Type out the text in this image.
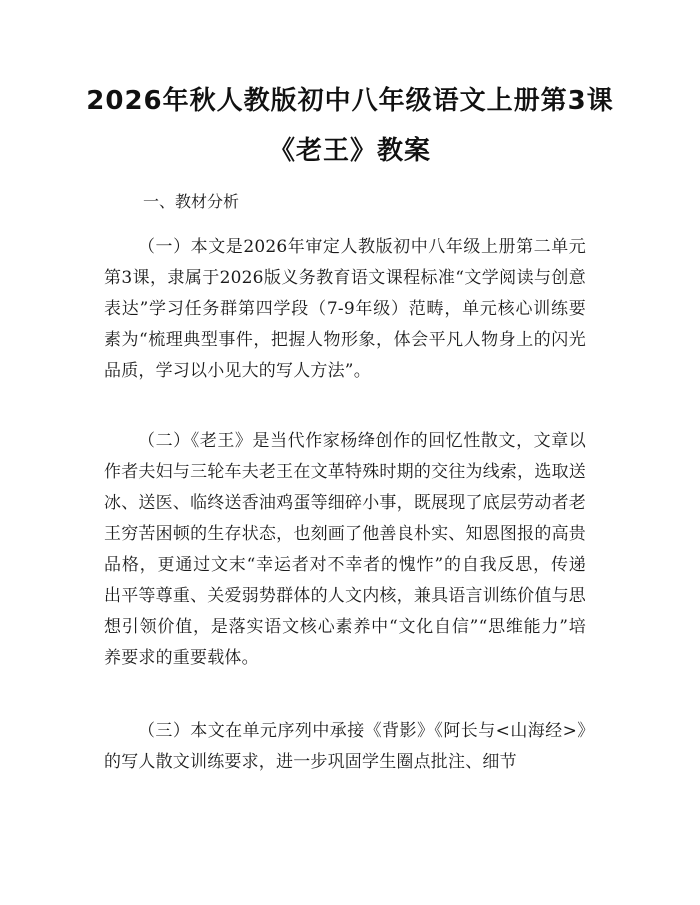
2026年秋人教版初中八年级语文上册第3课
《老王》教案

一、教材分析

（一）本文是2026年审定人教版初中八年级上册第二单元第3课，隶属于2026版义务教育语文课程标准“文学阅读与创意表达”学习任务群第四学段（7-9年级）范畴，单元核心训练要素为“梳理典型事件，把握人物形象，体会平凡人物身上的闪光品质，学习以小见大的写人方法”。

（二）《老王》是当代作家杨绛创作的回忆性散文，文章以作者夫妇与三轮车夫老王在文革特殊时期的交往为线索，选取送冰、送医、临终送香油鸡蛋等细碎小事，既展现了底层劳动者老王穷苦困顿的生存状态，也刻画了他善良朴实、知恩图报的高贵品格，更通过文末“幸运者对不幸者的愧怍”的自我反思，传递出平等尊重、关爱弱势群体的人文内核，兼具语言训练价值与思想引领价值，是落实语文核心素养中“文化自信”“思维能力”培养要求的重要载体。

（三）本文在单元序列中承接《背影》《阿长与<山海经>》的写人散文训练要求，进一步巩固学生圈点批注、细节
